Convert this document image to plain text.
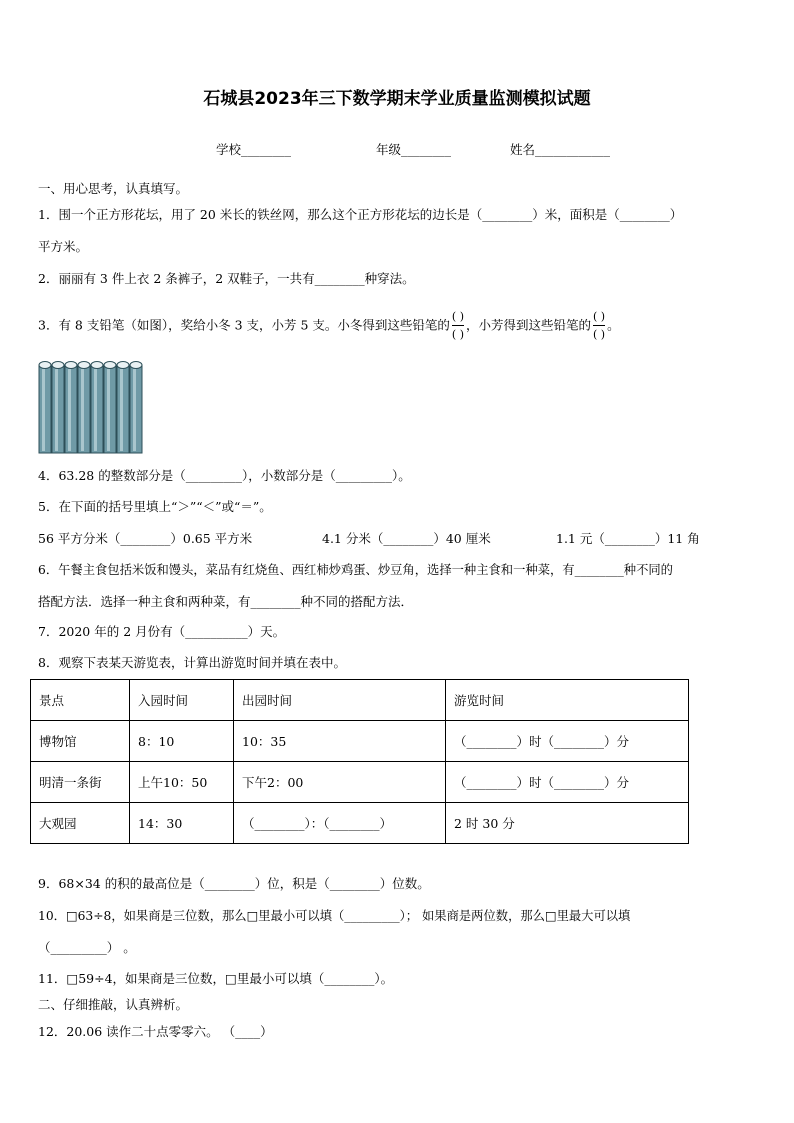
石城县2023年三下数学期末学业质量监测模拟试题
学校________	年级________	姓名____________
一、用心思考，认真填写。
1．围一个正方形花坛，用了 20 米长的铁丝网，那么这个正方形花坛的边长是（________）米，面积是（________）
平方米。
2．丽丽有 3 件上衣 2 条裤子，2 双鞋子，一共有________种穿法。
3．有 8 支铅笔（如图），奖给小冬 3 支，小芳 5 支。小冬得到这些铅笔的 $\frac{( )}{( )}$ ，小芳得到这些铅笔的 $\frac{( )}{( )}$ 。
4．63.28 的整数部分是（_________），小数部分是（_________）。
5．在下面的括号里填上“＞”“＜”或“＝”。
56 平方分米（________）0.65 平方米	4.1 分米（________）40 厘米	1.1 元（________）11 角
6．午餐主食包括米饭和馒头，菜品有红烧鱼、西红柿炒鸡蛋、炒豆角，选择一种主食和一种菜，有________种不同的
搭配方法．选择一种主食和两种菜，有________种不同的搭配方法．
7．2020 年的 2 月份有（__________）天。
8．观察下表某天游览表，计算出游览时间并填在表中。
景点	入园时间	出园时间	游览时间
博物馆	8：10	10：35	（________）时（________）分
明清一条街	上午10：50	下午2：00	（________）时（________）分
大观园	14：30	（________）：（________）	2 时 30 分
9．68×34 的积的最高位是（________）位，积是（________）位数。
10．□63÷8，如果商是三位数，那么□里最小可以填（_________）； 如果商是两位数，那么□里最大可以填
（_________） 。
11．□59÷4，如果商是三位数，□里最小可以填（________）。
二、仔细推敲，认真辨析。
12．20.06 读作二十点零零六。 （____）
